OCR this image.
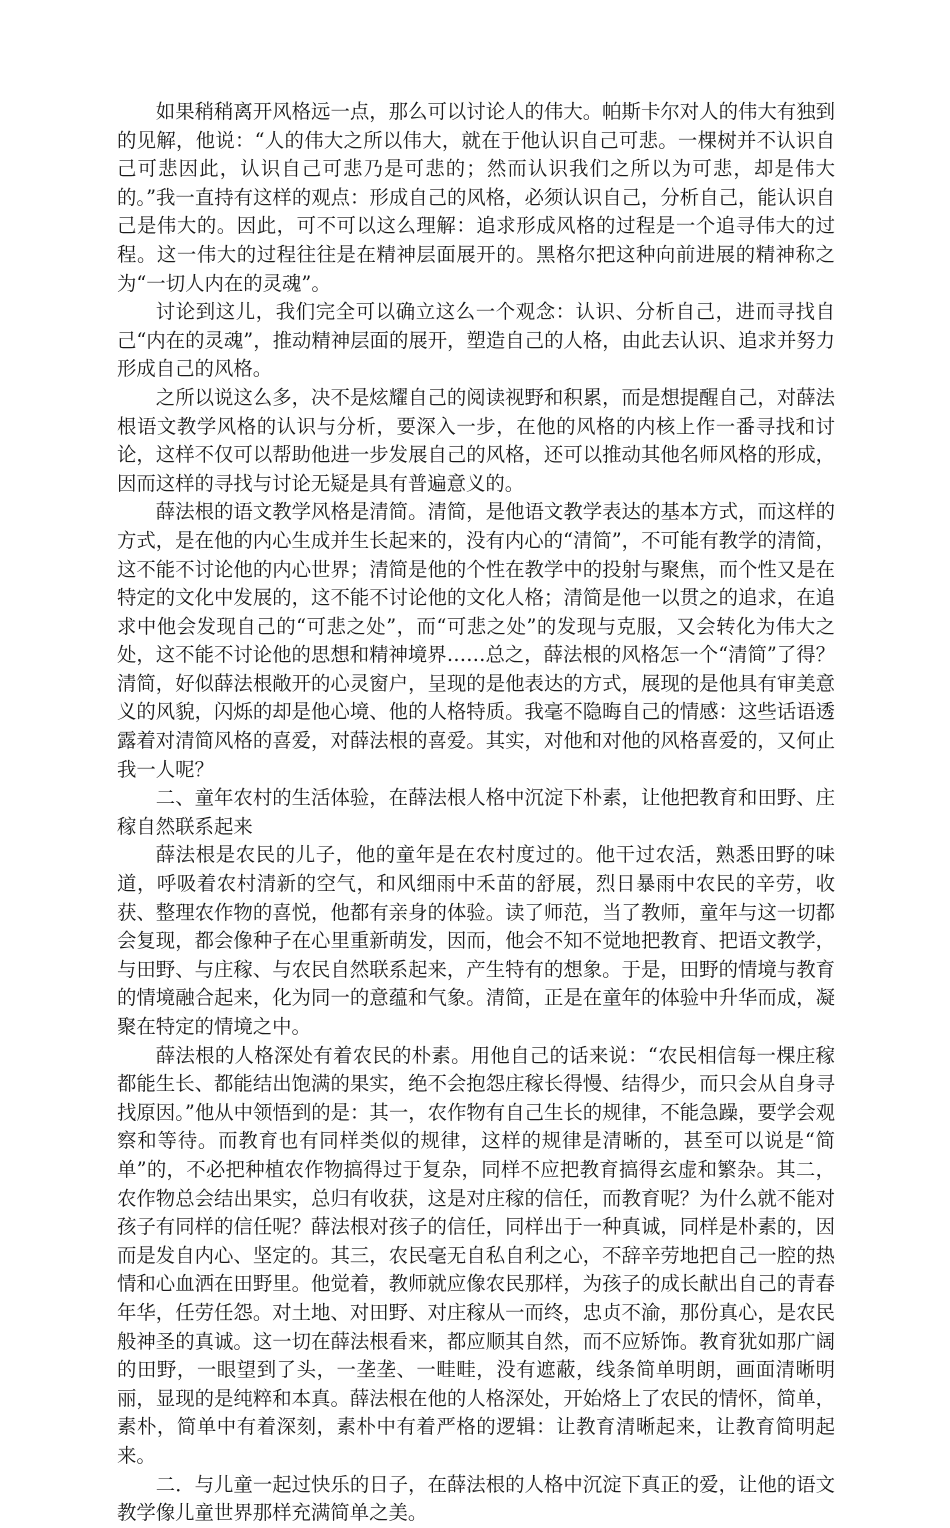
如果稍稍离开风格远一点，那么可以讨论人的伟大。帕斯卡尔对人的伟大有独到的见解，他说：“人的伟大之所以伟大，就在于他认识自己可悲。一棵树并不认识自己可悲因此，认识自己可悲乃是可悲的；然而认识我们之所以为可悲，却是伟大的。”我一直持有这样的观点：形成自己的风格，必须认识自己，分析自己，能认识自己是伟大的。因此，可不可以这么理解：追求形成风格的过程是一个追寻伟大的过程。这一伟大的过程往往是在精神层面展开的。黑格尔把这种向前进展的精神称之为“一切人内在的灵魂”。

讨论到这儿，我们完全可以确立这么一个观念：认识、分析自己，进而寻找自己“内在的灵魂”，推动精神层面的展开，塑造自己的人格，由此去认识、追求并努力形成自己的风格。

之所以说这么多，决不是炫耀自己的阅读视野和积累，而是想提醒自己，对薛法根语文教学风格的认识与分析，要深入一步，在他的风格的内核上作一番寻找和讨论，这样不仅可以帮助他进一步发展自己的风格，还可以推动其他名师风格的形成，因而这样的寻找与讨论无疑是具有普遍意义的。

薛法根的语文教学风格是清简。清简，是他语文教学表达的基本方式，而这样的方式，是在他的内心生成并生长起来的，没有内心的“清简”，不可能有教学的清简，这不能不讨论他的内心世界；清简是他的个性在教学中的投射与聚焦，而个性又是在特定的文化中发展的，这不能不讨论他的文化人格；清简是他一以贯之的追求，在追求中他会发现自己的“可悲之处”，而“可悲之处”的发现与克服，又会转化为伟大之处，这不能不讨论他的思想和精神境界……总之，薛法根的风格怎一个“清简”了得？清简，好似薛法根敞开的心灵窗户，呈现的是他表达的方式，展现的是他具有审美意义的风貌，闪烁的却是他心境、他的人格特质。我毫不隐晦自己的情感：这些话语透露着对清简风格的喜爱，对薛法根的喜爱。其实，对他和对他的风格喜爱的，又何止我一人呢？

二、童年农村的生活体验，在薛法根人格中沉淀下朴素，让他把教育和田野、庄稼自然联系起来

薛法根是农民的儿子，他的童年是在农村度过的。他干过农活，熟悉田野的味道，呼吸着农村清新的空气，和风细雨中禾苗的舒展，烈日暴雨中农民的辛劳，收获、整理农作物的喜悦，他都有亲身的体验。读了师范，当了教师，童年与这一切都会复现，都会像种子在心里重新萌发，因而，他会不知不觉地把教育、把语文教学，与田野、与庄稼、与农民自然联系起来，产生特有的想象。于是，田野的情境与教育的情境融合起来，化为同一的意蕴和气象。清简，正是在童年的体验中升华而成，凝聚在特定的情境之中。

薛法根的人格深处有着农民的朴素。用他自己的话来说：“农民相信每一棵庄稼都能生长、都能结出饱满的果实，绝不会抱怨庄稼长得慢、结得少，而只会从自身寻找原因。”他从中领悟到的是：其一，农作物有自己生长的规律，不能急躁，要学会观察和等待。而教育也有同样类似的规律，这样的规律是清晰的，甚至可以说是“简单”的，不必把种植农作物搞得过于复杂，同样不应把教育搞得玄虚和繁杂。其二，农作物总会结出果实，总归有收获，这是对庄稼的信任，而教育呢？为什么就不能对孩子有同样的信任呢？薛法根对孩子的信任，同样出于一种真诚，同样是朴素的，因而是发自内心、坚定的。其三，农民毫无自私自利之心，不辞辛劳地把自己一腔的热情和心血洒在田野里。他觉着，教师就应像农民那样，为孩子的成长献出自己的青春年华，任劳任怨。对土地、对田野、对庄稼从一而终，忠贞不渝，那份真心，是农民般神圣的真诚。这一切在薛法根看来，都应顺其自然，而不应矫饰。教育犹如那广阔的田野，一眼望到了头，一垄垄、一畦畦，没有遮蔽，线条简单明朗，画面清晰明丽，显现的是纯粹和本真。薛法根在他的人格深处，开始烙上了农民的情怀，简单，素朴，简单中有着深刻，素朴中有着严格的逻辑：让教育清晰起来，让教育简明起来。

二．与儿童一起过快乐的日子，在薛法根的人格中沉淀下真正的爱，让他的语文教学像儿童世界那样充满简单之美。
